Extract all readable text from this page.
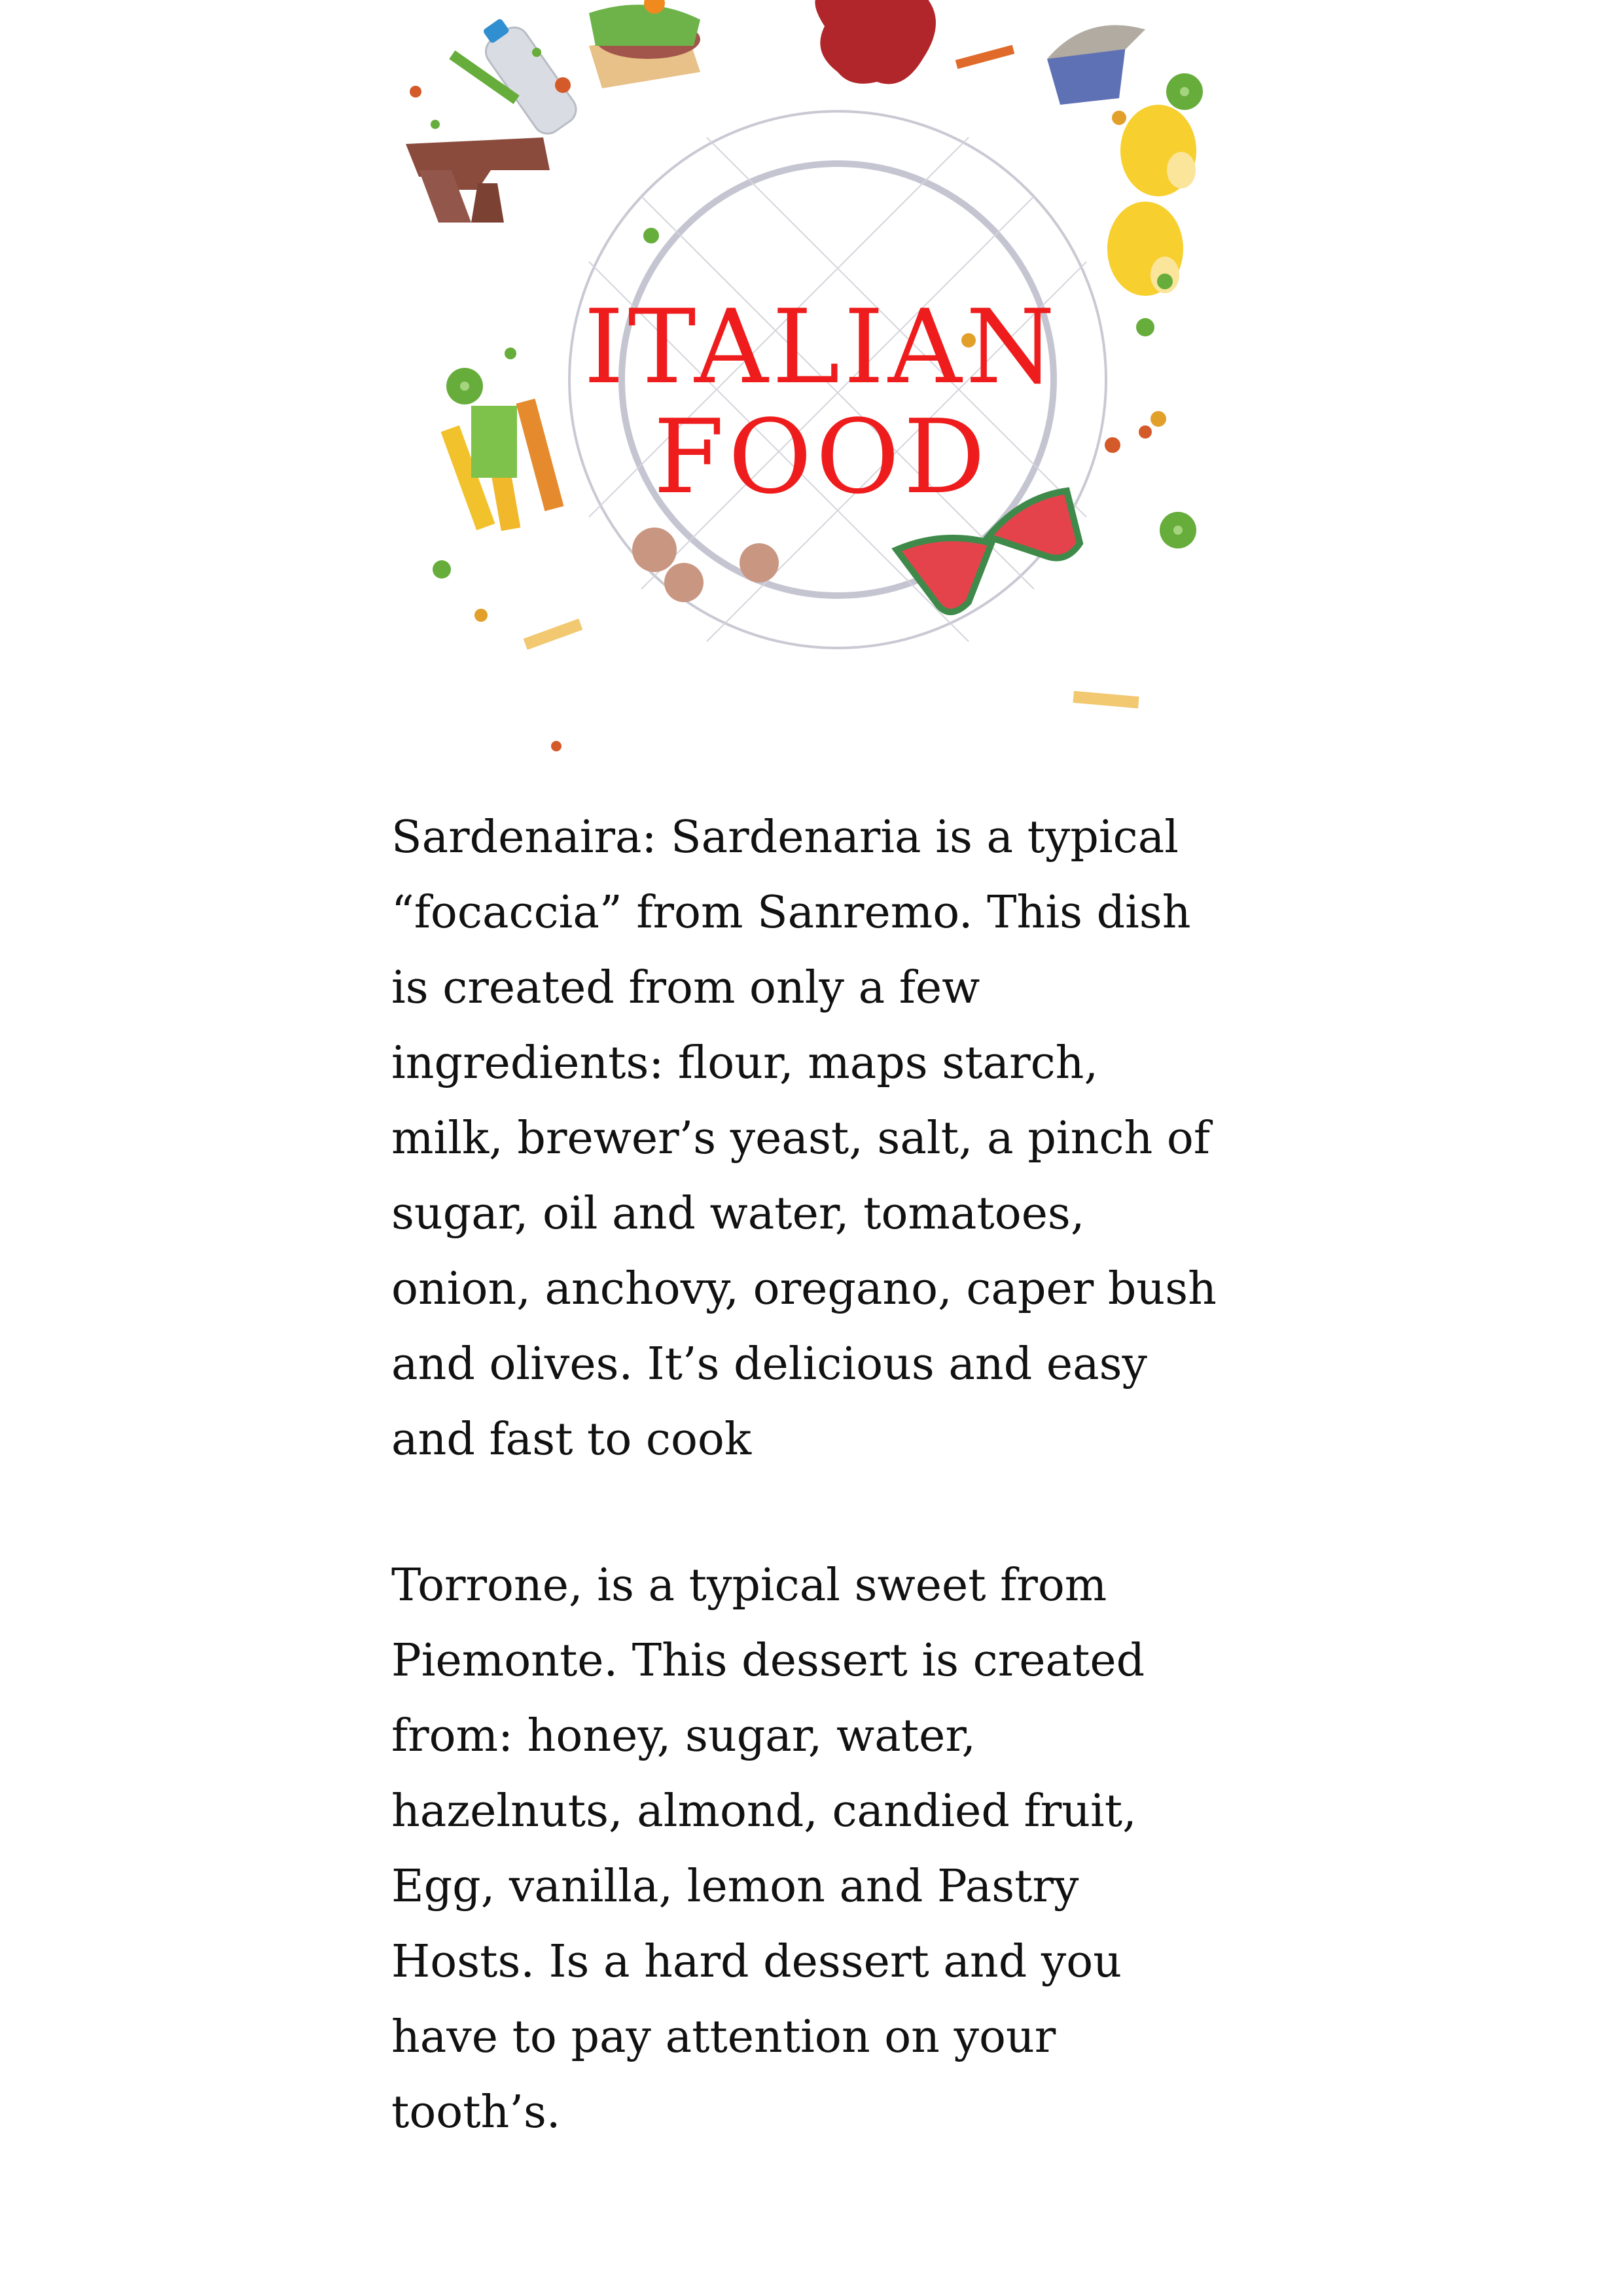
ITALIAN
FOOD

Sardenaira: Sardenaria is a typical
“focaccia” from Sanremo. This dish
is created from only a few
ingredients: flour, maps starch,
milk, brewer’s yeast, salt, a pinch of
sugar, oil and water, tomatoes,
onion, anchovy, oregano, caper bush
and olives. It’s delicious and easy
and fast to cook

Torrone, is a typical sweet from
Piemonte. This dessert is created
from: honey, sugar, water,
hazelnuts, almond, candied fruit,
Egg, vanilla, lemon and Pastry
Hosts. Is a hard dessert and you
have to pay attention on your
tooth’s.
